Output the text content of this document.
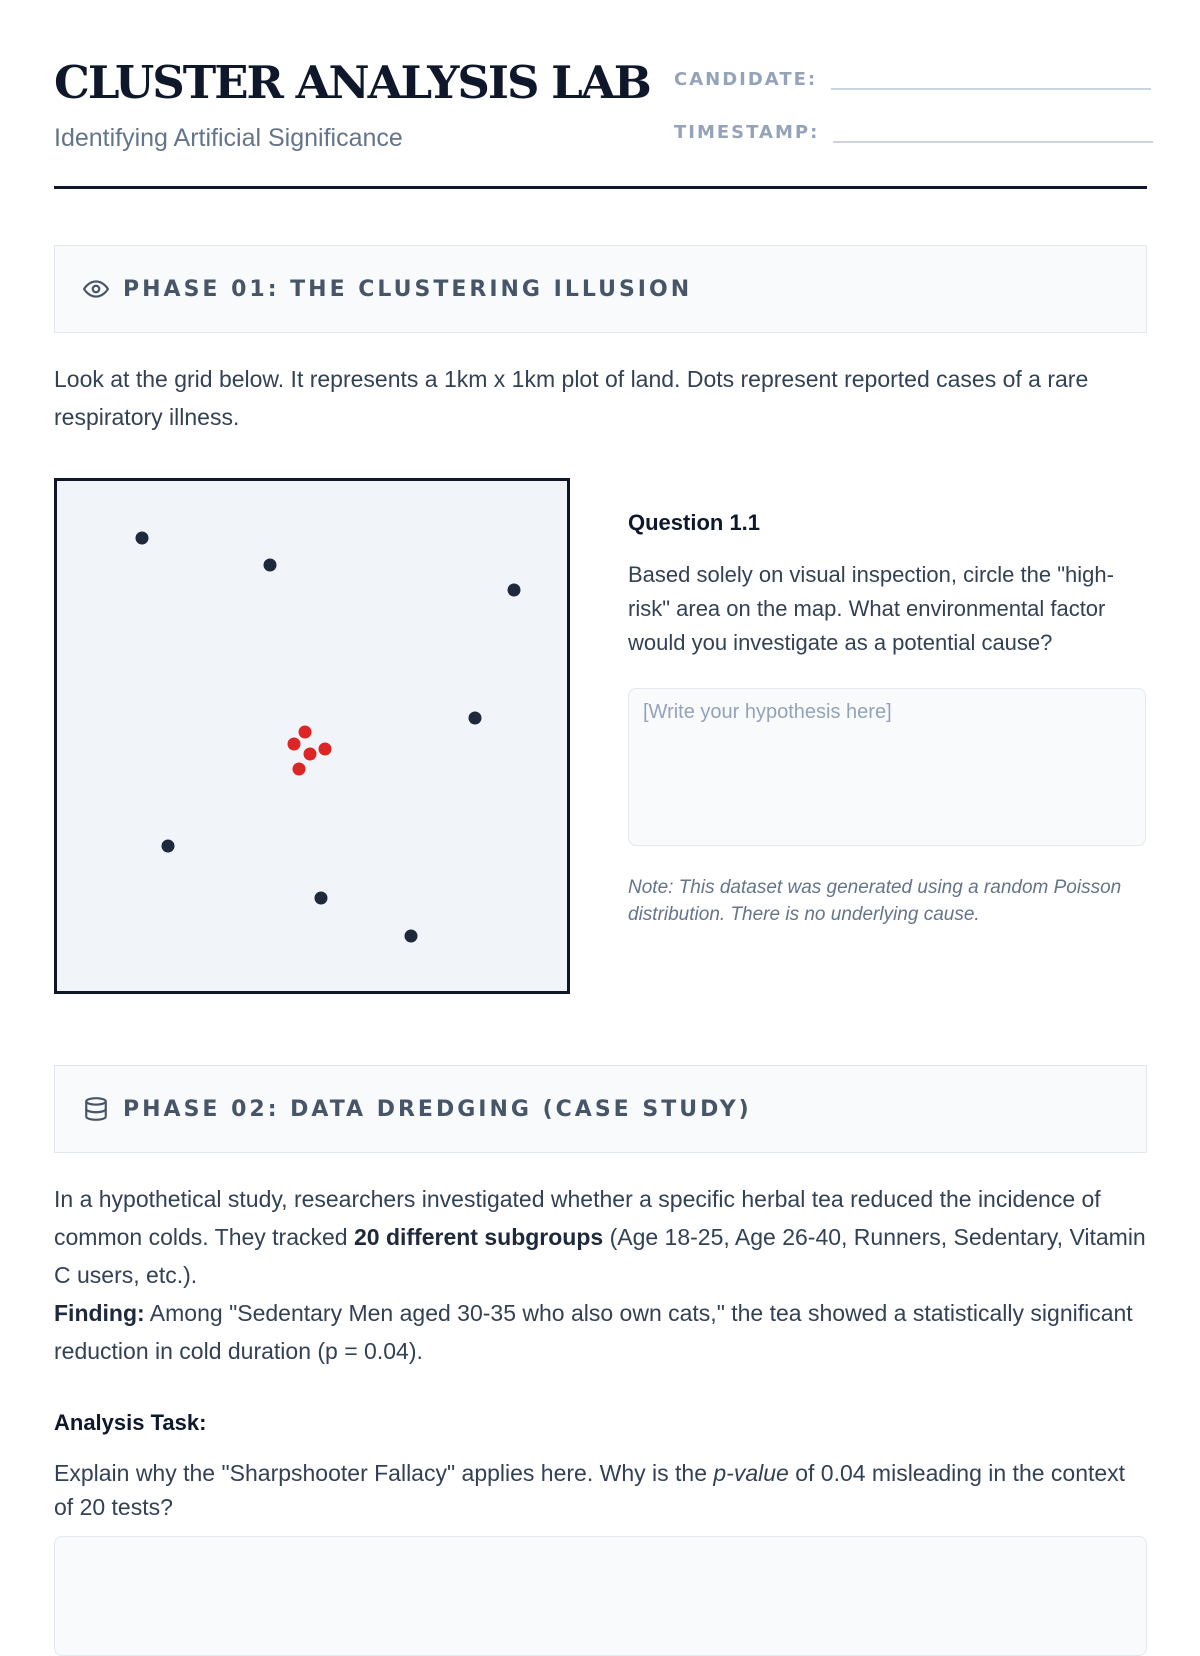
CLUSTER ANALYSIS LAB

Identifying Artificial Significance

CANDIDATE:
TIMESTAMP:
PHASE 01: THE CLUSTERING ILLUSION

Look at the grid below. It represents a 1km x 1km plot of land. Dots represent reported cases of a rare respiratory illness.

Question 1.1

Based solely on visual inspection, circle the "high-risk" area on the map. What environmental factor would you investigate as a potential cause?

[Write your hypothesis here]
Note: This dataset was generated using a random Poisson distribution. There is no underlying cause.
PHASE 02: DATA DREDGING (CASE STUDY)

In a hypothetical study, researchers investigated whether a specific herbal tea reduced the incidence of common colds. They tracked 20 different subgroups (Age 18-25, Age 26-40, Runners, Sedentary, Vitamin C users, etc.).
Finding: Among "Sedentary Men aged 30-35 who also own cats," the tea showed a statistically significant reduction in cold duration (p = 0.04).

Analysis Task:

Explain why the "Sharpshooter Fallacy" applies here. Why is the p-value of 0.04 misleading in the context of 20 tests?
